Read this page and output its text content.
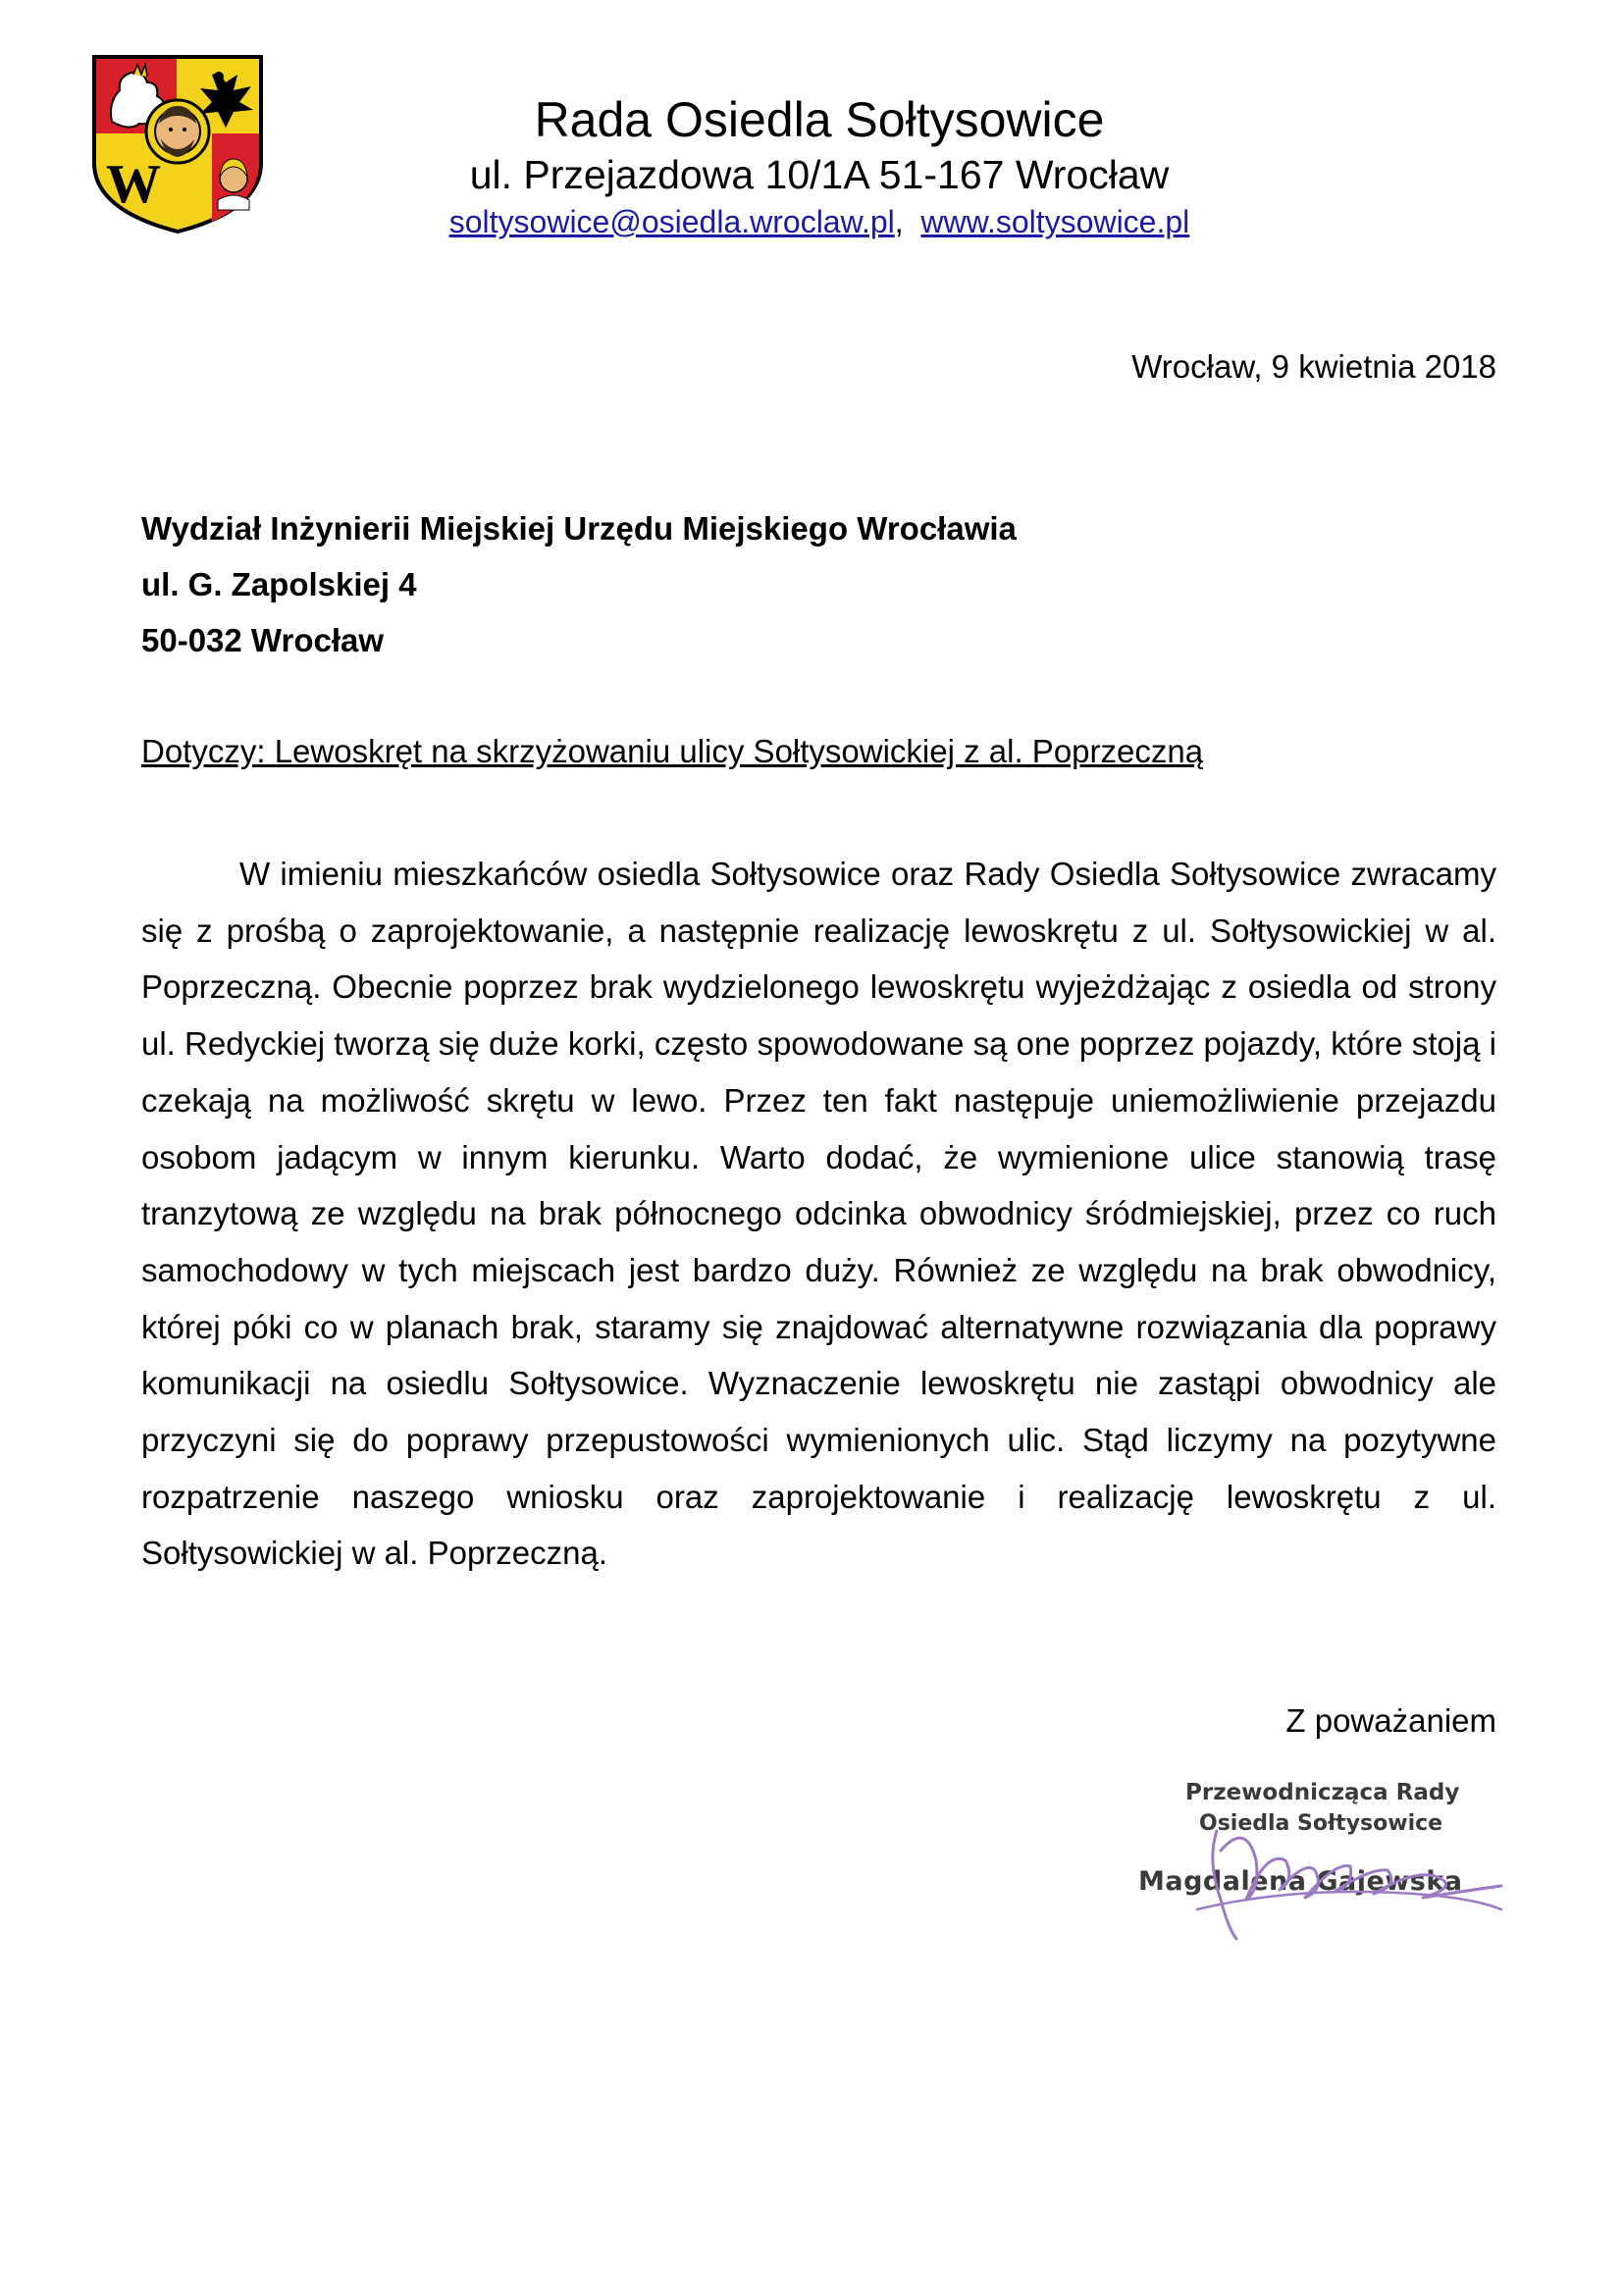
W
Rada Osiedla Sołtysowice
ul. Przejazdowa 10/1A 51-167 Wrocław
soltysowice@osiedla.wroclaw.pl, www.soltysowice.pl
Wrocław, 9 kwietnia 2018
Wydział Inżynierii Miejskiej Urzędu Miejskiego Wrocławia
ul. G. Zapolskiej 4
50-032 Wrocław
Dotyczy: Lewoskręt na skrzyżowaniu ulicy Sołtysowickiej z al. Poprzeczną

W imieniu mieszkańców osiedla Sołtysowice oraz Rady Osiedla Sołtysowice zwracamy się z prośbą o zaprojektowanie, a następnie realizację lewoskrętu z ul. Sołtysowickiej w al. Poprzeczną. Obecnie poprzez brak wydzielonego lewoskrętu wyjeżdżając z osiedla od strony ul. Redyckiej tworzą się duże korki, często spowodowane są one poprzez pojazdy, które stoją i czekają na możliwość skrętu w lewo. Przez ten fakt następuje uniemożliwienie przejazdu osobom jadącym w innym kierunku. Warto dodać, że wymienione ulice stanowią trasę tranzytową ze względu na brak północnego odcinka obwodnicy śródmiejskiej, przez co ruch samochodowy w tych miejscach jest bardzo duży. Również ze względu na brak obwodnicy, której póki co w planach brak, staramy się znajdować alternatywne rozwiązania dla poprawy komunikacji na osiedlu Sołtysowice. Wyznaczenie lewoskrętu nie zastąpi obwodnicy ale przyczyni się do poprawy przepustowości wymienionych ulic. Stąd liczymy na pozytywne rozpatrzenie naszego wniosku oraz zaprojektowanie i realizację lewoskrętu z ul. Sołtysowickiej w al. Poprzeczną.

Z poważaniem
Przewodnicząca Rady
Osiedla Sołtysowice
Magdalena Gajewska
